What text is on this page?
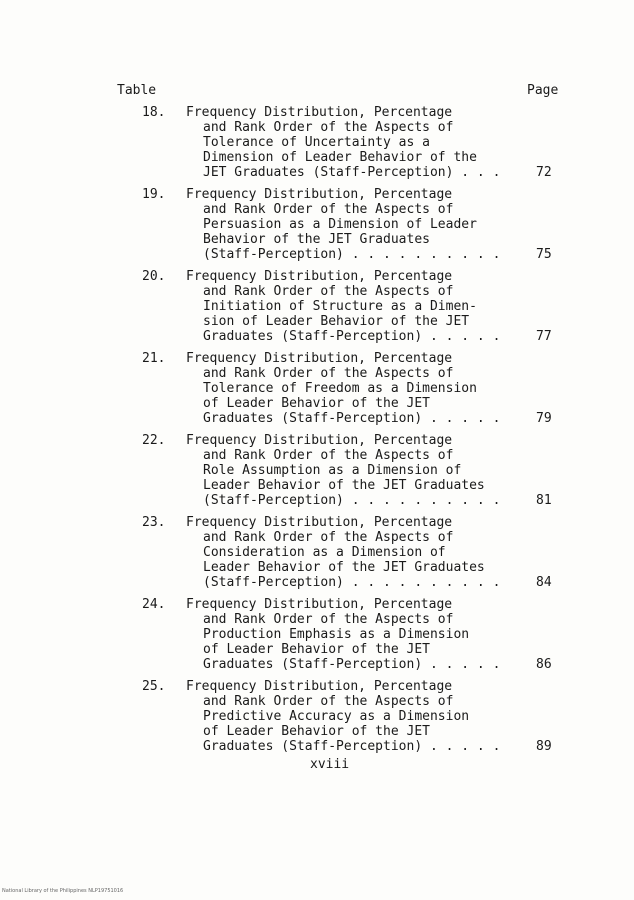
Table	Page
18. Frequency Distribution, Percentage
and Rank Order of the Aspects of
Tolerance of Uncertainty as a
Dimension of Leader Behavior of the
JET Graduates (Staff-Perception) . . .	72
19. Frequency Distribution, Percentage
and Rank Order of the Aspects of
Persuasion as a Dimension of Leader
Behavior of the JET Graduates
(Staff-Perception) . . . . . . . . . .	75
20. Frequency Distribution, Percentage
and Rank Order of the Aspects of
Initiation of Structure as a Dimen-
sion of Leader Behavior of the JET
Graduates (Staff-Perception) . . . . .	77
21. Frequency Distribution, Percentage
and Rank Order of the Aspects of
Tolerance of Freedom as a Dimension
of Leader Behavior of the JET
Graduates (Staff-Perception) . . . . .	79
22. Frequency Distribution, Percentage
and Rank Order of the Aspects of
Role Assumption as a Dimension of
Leader Behavior of the JET Graduates
(Staff-Perception) . . . . . . . . . .	81
23. Frequency Distribution, Percentage
and Rank Order of the Aspects of
Consideration as a Dimension of
Leader Behavior of the JET Graduates
(Staff-Perception) . . . . . . . . . .	84
24. Frequency Distribution, Percentage
and Rank Order of the Aspects of
Production Emphasis as a Dimension
of Leader Behavior of the JET
Graduates (Staff-Perception) . . . . .	86
25. Frequency Distribution, Percentage
and Rank Order of the Aspects of
Predictive Accuracy as a Dimension
of Leader Behavior of the JET
Graduates (Staff-Perception) . . . . .	89
xviii
National Library of the Philippines NLP19751016
